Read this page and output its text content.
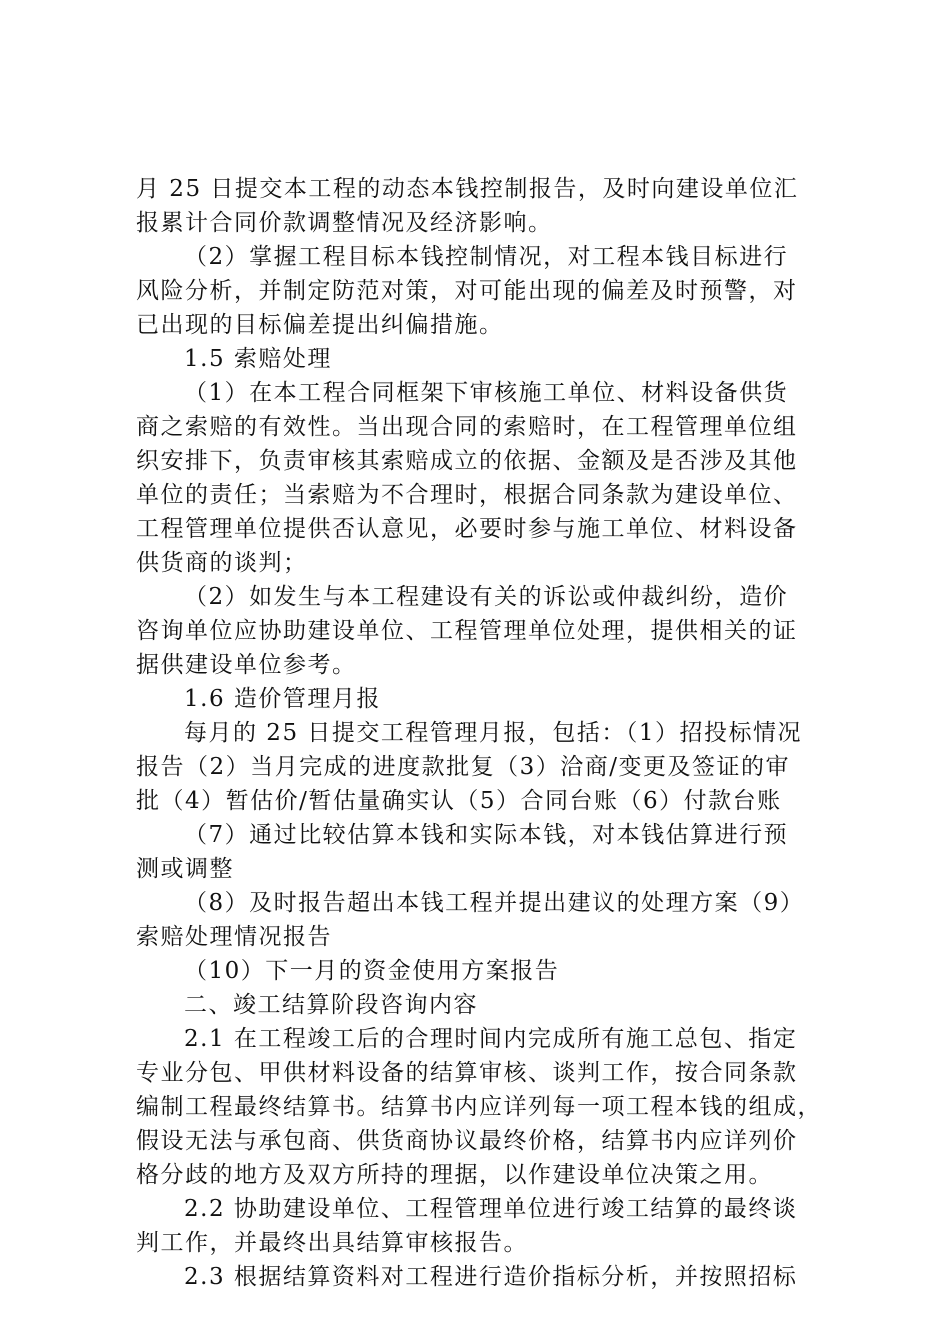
月 25 日提交本工程的动态本钱控制报告，及时向建设单位汇
报累计合同价款调整情况及经济影响。
（2）掌握工程目标本钱控制情况，对工程本钱目标进行
风险分析，并制定防范对策，对可能出现的偏差及时预警，对
已出现的目标偏差提出纠偏措施。
1.5 索赔处理
（1）在本工程合同框架下审核施工单位、材料设备供货
商之索赔的有效性。当出现合同的索赔时，在工程管理单位组
织安排下，负责审核其索赔成立的依据、金额及是否涉及其他
单位的责任；当索赔为不合理时，根据合同条款为建设单位、
工程管理单位提供否认意见，必要时参与施工单位、材料设备
供货商的谈判；
（2）如发生与本工程建设有关的诉讼或仲裁纠纷，造价
咨询单位应协助建设单位、工程管理单位处理，提供相关的证
据供建设单位参考。
1.6 造价管理月报
每月的 25 日提交工程管理月报，包括：（1）招投标情况
报告（2）当月完成的进度款批复（3）洽商/变更及签证的审
批（4）暂估价/暂估量确实认（5）合同台账（6）付款台账
（7）通过比较估算本钱和实际本钱，对本钱估算进行预
测或调整
（8）及时报告超出本钱工程并提出建议的处理方案（9）
索赔处理情况报告
（10）下一月的资金使用方案报告
二、竣工结算阶段咨询内容
2.1 在工程竣工后的合理时间内完成所有施工总包、指定
专业分包、甲供材料设备的结算审核、谈判工作，按合同条款
编制工程最终结算书。结算书内应详列每一项工程本钱的组成，
假设无法与承包商、供货商协议最终价格，结算书内应详列价
格分歧的地方及双方所持的理据，以作建设单位决策之用。
2.2 协助建设单位、工程管理单位进行竣工结算的最终谈
判工作，并最终出具结算审核报告。
2.3 根据结算资料对工程进行造价指标分析，并按照招标
